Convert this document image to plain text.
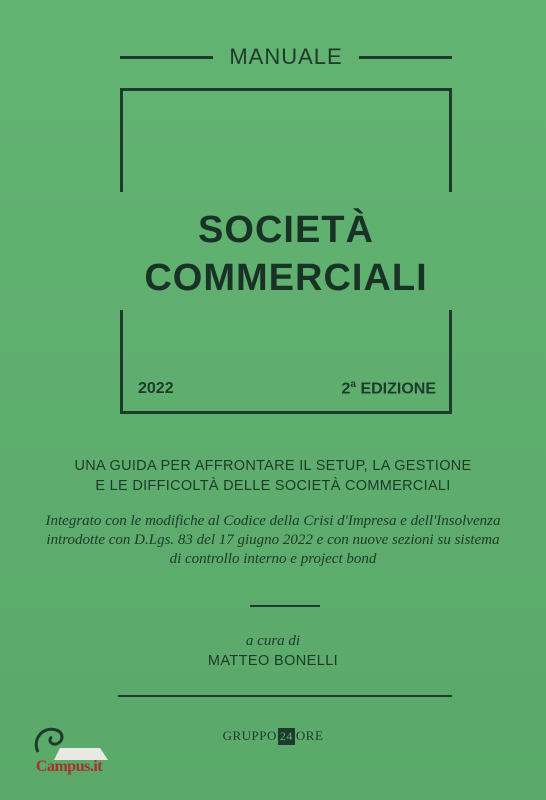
MANUALE
SOCIETÀ
COMMERCIALI
2022	2$^a$ EDIZIONE
UNA GUIDA PER AFFRONTARE IL SETUP, LA GESTIONE
E LE DIFFICOLTÀ DELLE SOCIETÀ COMMERCIALI
Integrato con le modifiche al Codice della Crisi d'Impresa e dell'Insolvenza
introdotte con D.Lgs. 83 del 17 giugno 2022 e con nuove sezioni su sistema
di controllo interno e project bond
a cura di
MATTEO BONELLI
GRUPPO 24 ORE
Campus.it
